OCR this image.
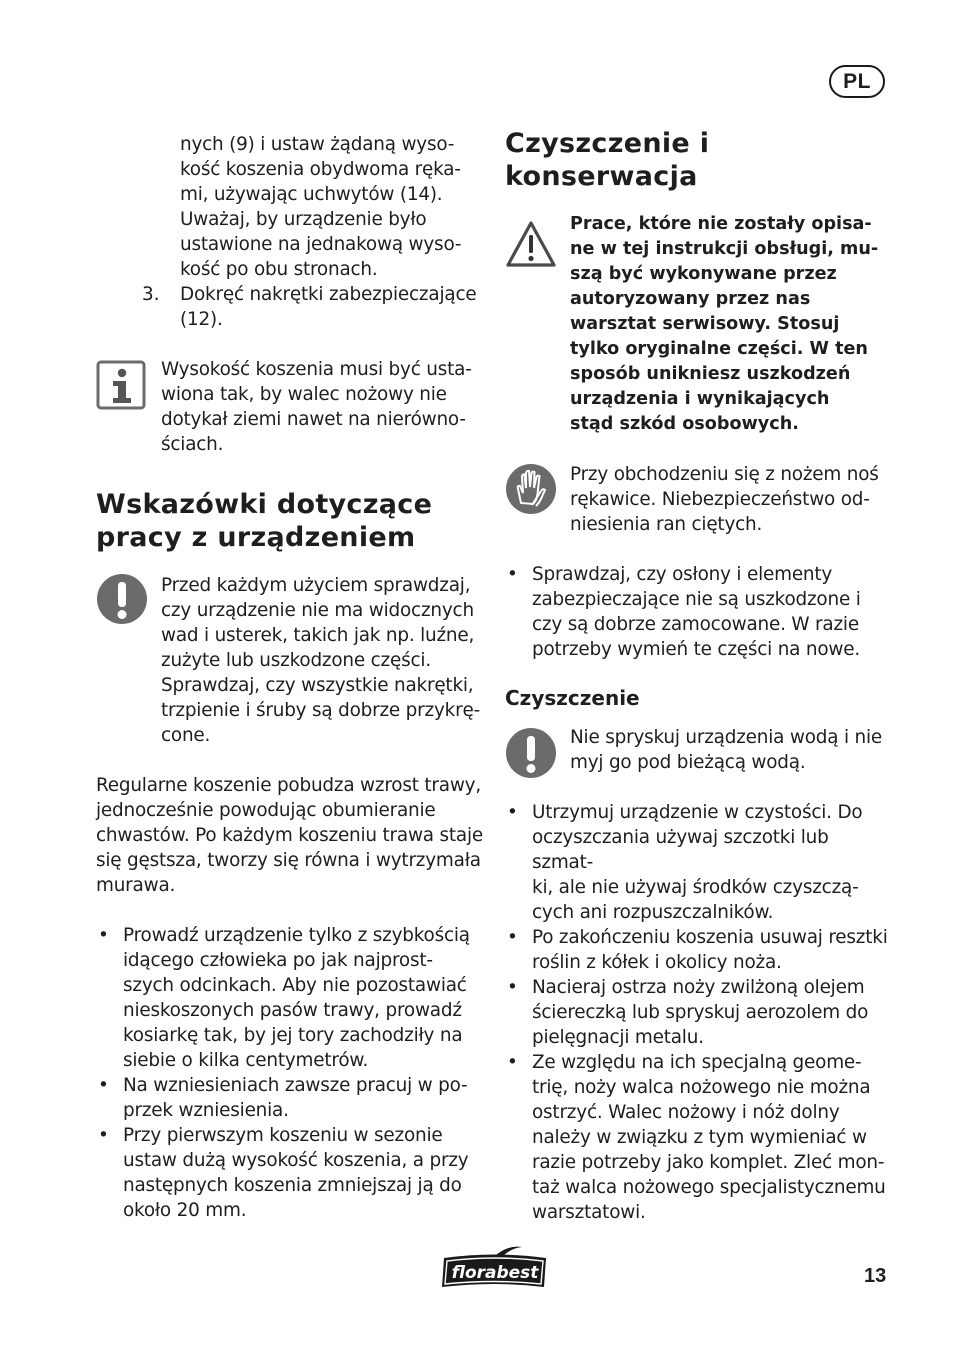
PL

nych (9) i ustaw żądaną wyso-

kość koszenia obydwoma ręka-

mi, używając uchwytów (14).

Uważaj, by urządzenie było

ustawione na jednakową wyso-

kość po obu stronach.

3. Dokręć nakrętki zabezpieczające

(12).

Wysokość koszenia musi być usta-

wiona tak, by walec nożowy nie

dotykał ziemi nawet na nierówno-

ściach.

Wskazówki dotyczące
pracy z urządzeniem

Przed każdym użyciem sprawdzaj,

czy urządzenie nie ma widocznych

wad i usterek, takich jak np. luźne,

zużyte lub uszkodzone części.

Sprawdzaj, czy wszystkie nakrętki,

trzpienie i śruby są dobrze przykrę-

cone.

Regularne koszenie pobudza wzrost trawy,

jednocześnie powodując obumieranie

chwastów. Po każdym koszeniu trawa staje

się gęstsza, tworzy się równa i wytrzymała

murawa.

• Prowadź urządzenie tylko z szybkością

idącego człowieka po jak najprost-

szych odcinkach. Aby nie pozostawiać

nieskoszonych pasów trawy, prowadź

kosiarkę tak, by jej tory zachodziły na

siebie o kilka centymetrów.

• Na wzniesieniach zawsze pracuj w po-

przek wzniesienia.

• Przy pierwszym koszeniu w sezonie

ustaw dużą wysokość koszenia, a przy

następnych koszenia zmniejszaj ją do

około 20 mm.

Czyszczenie i
konserwacja

Prace, które nie zostały opisa-

ne w tej instrukcji obsługi, mu-

szą być wykonywane przez

autoryzowany przez nas

warsztat serwisowy. Stosuj

tylko oryginalne części. W ten

sposób unikniesz uszkodzeń

urządzenia i wynikających

stąd szkód osobowych.

Przy obchodzeniu się z nożem noś

rękawice. Niebezpieczeństwo od-

niesienia ran ciętych.

• Sprawdzaj, czy osłony i elementy

zabezpieczające nie są uszkodzone i

czy są dobrze zamocowane. W razie

potrzeby wymień te części na nowe.

Czyszczenie

Nie spryskuj urządzenia wodą i nie

myj go pod bieżącą wodą.

• Utrzymuj urządzenie w czystości. Do

oczyszczania używaj szczotki lub szmat-

ki, ale nie używaj środków czyszczą-

cych ani rozpuszczalników.

• Po zakończeniu koszenia usuwaj resztki

roślin z kółek i okolicy noża.

• Nacieraj ostrza noży zwilżoną olejem

ściereczką lub spryskuj aerozolem do

pielęgnacji metalu.

• Ze względu na ich specjalną geome-

trię, noży walca nożowego nie można

ostrzyć. Walec nożowy i nóż dolny

należy w związku z tym wymieniać w

razie potrzeby jako komplet. Zleć mon-

taż walca nożowego specjalistycznemu

warsztatowi.

florabest	13
